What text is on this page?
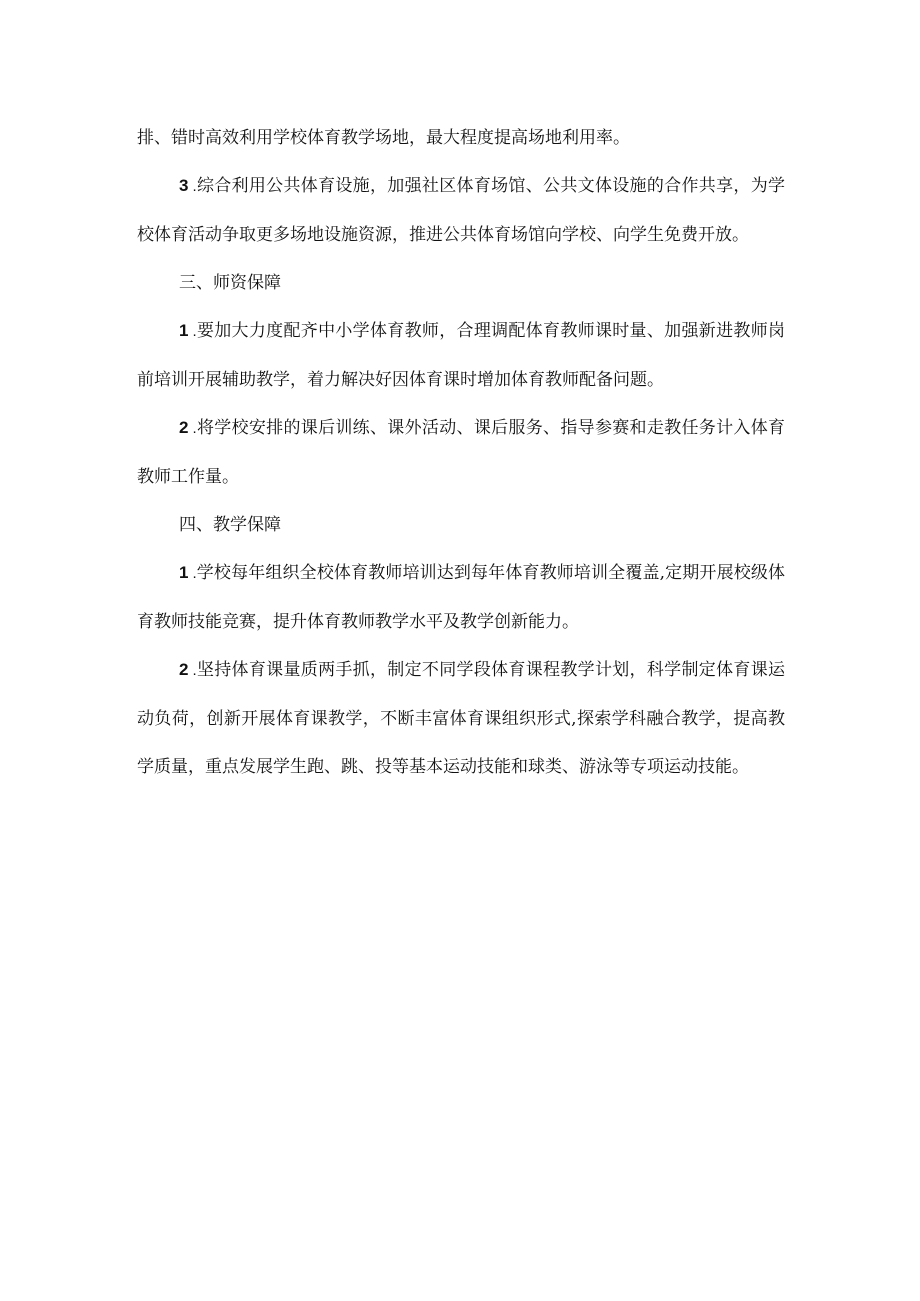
排、错时高效利用学校体育教学场地，最大程度提高场地利用率。

3 .综合利用公共体育设施，加强社区体育场馆、公共文体设施的合作共享，为学校体育活动争取更多场地设施资源，推进公共体育场馆向学校、向学生免费开放。

三、师资保障

1 .要加大力度配齐中小学体育教师，合理调配体育教师课时量、加强新进教师岗前培训开展辅助教学，着力解决好因体育课时增加体育教师配备问题。

2 .将学校安排的课后训练、课外活动、课后服务、指导参赛和走教任务计入体育教师工作量。

四、教学保障

1 .学校每年组织全校体育教师培训达到每年体育教师培训全覆盖,定期开展校级体育教师技能竞赛，提升体育教师教学水平及教学创新能力。

2 .坚持体育课量质两手抓，制定不同学段体育课程教学计划，科学制定体育课运动负荷，创新开展体育课教学，不断丰富体育课组织形式,探索学科融合教学，提高教学质量，重点发展学生跑、跳、投等基本运动技能和球类、游泳等专项运动技能。
